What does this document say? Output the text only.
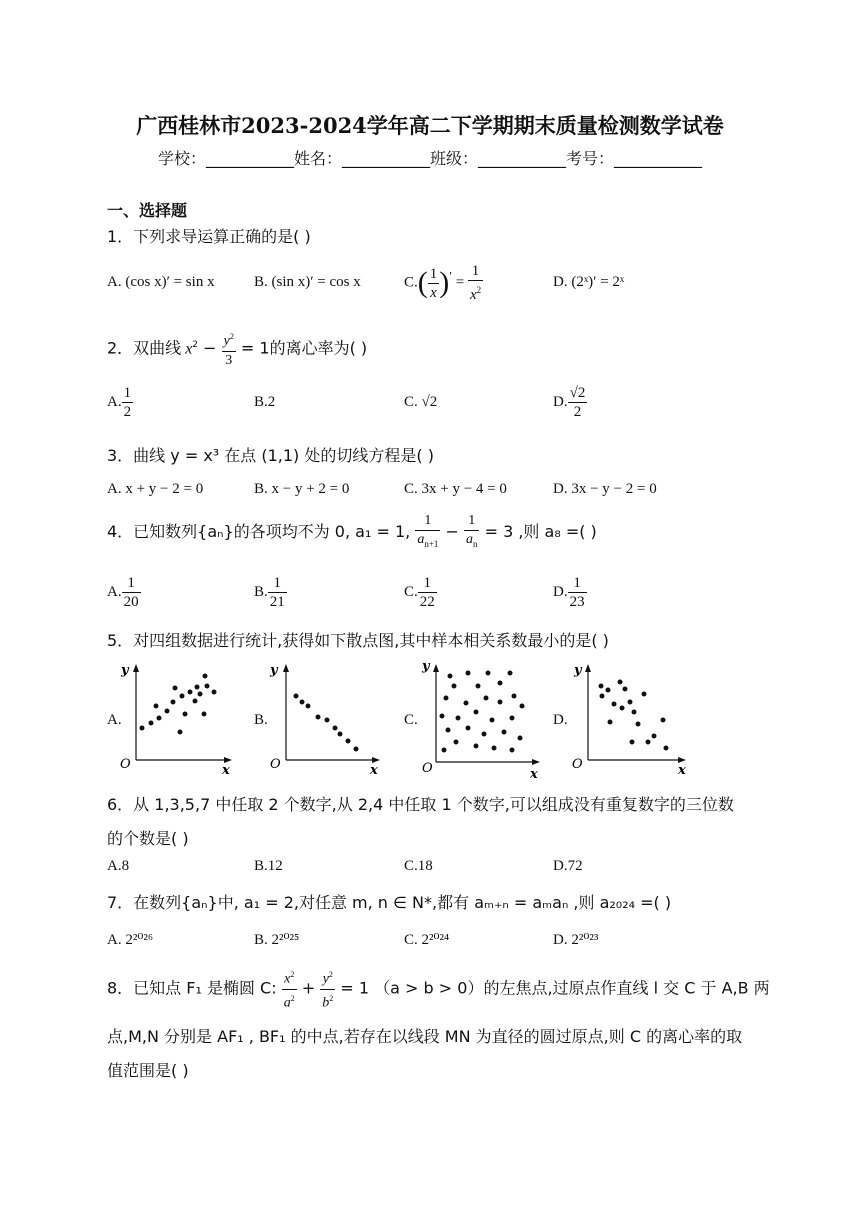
广西桂林市2023-2024学年高二下学期期末质量检测数学试卷
学校：___________姓名：___________班级：___________考号：___________
一、选择题
1．下列求导运算正确的是( )
A. (cos x)′ = sin x	B. (sin x)′ = cos x	$C.( \frac{1}{x} )' = \frac{1}{x^2}$	D. (2ˣ)′ = 2ˣ
2．双曲线 $x^2 - \frac{y^2}{3} = 1$的离心率为( )
A. $\frac{1}{2}$	B.2	C. √2	D. $\frac{√2}{2}$
3．曲线 y = x³ 在点 (1,1) 处的切线方程是( )
A. x + y − 2 = 0	B. x − y + 2 = 0	C. 3x + y − 4 = 0	D. 3x − y − 2 = 0
4．已知数列{aₙ}的各项均不为 0, a₁ = 1, $\frac{1}{a_{n+1}} - \frac{1}{a_n} = 3$ ,则 a₈ =( )
A. $\frac{1}{20}$	B. $\frac{1}{21}$	C. $\frac{1}{22}$	D. $\frac{1}{23}$
5．对四组数据进行统计,获得如下散点图,其中样本相关系数最小的是( )
A.	B.	C.	D.
y
x
O
y
x
O
y
x
O
y
x
O
6．从 1,3,5,7 中任取 2 个数字,从 2,4 中任取 1 个数字,可以组成没有重复数字的三位数
的个数是( )
A.8	B.12	C.18	D.72
7．在数列{aₙ}中, a₁ = 2,对任意 m, n ∈ N*,都有 aₘ₊ₙ = aₘaₙ ,则 a₂₀₂₄ =( )
A. 2²⁰²⁶	B. 2²⁰²⁵	C. 2²⁰²⁴	D. 2²⁰²³
8．已知点 F₁ 是椭圆 C: $\frac{x^2}{a^2} + \frac{y^2}{b^2} = 1$ （a > b > 0）的左焦点,过原点作直线 l 交 C 于 A,B 两
点,M,N 分别是 AF₁ , BF₁ 的中点,若存在以线段 MN 为直径的圆过原点,则 C 的离心率的取
值范围是( )
